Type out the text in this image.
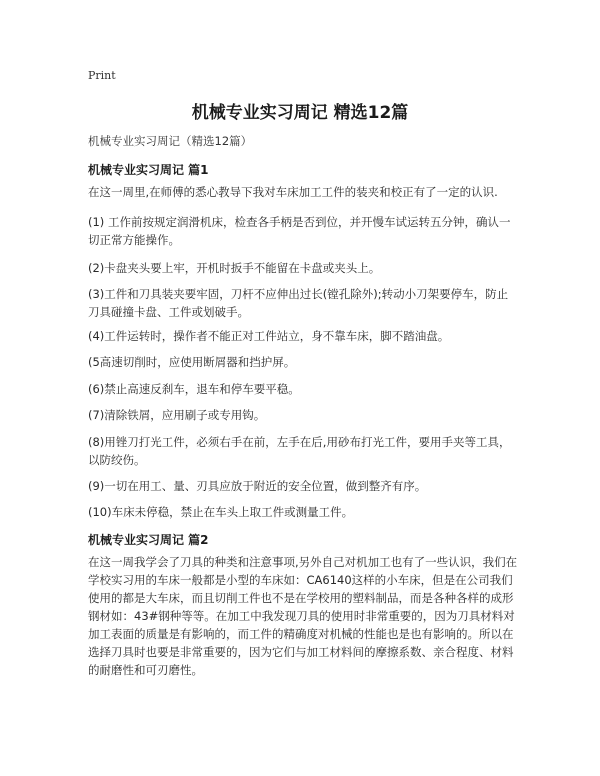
Print
机械专业实习周记 精选12篇
机械专业实习周记（精选12篇）
机械专业实习周记 篇1

在这一周里,在师傅的悉心教导下我对车床加工工件的装夹和校正有了一定的认识.

(1) 工作前按规定润滑机床，检查各手柄是否到位，并开慢车试运转五分钟，确认一切正常方能操作。

(2)卡盘夹头要上牢，开机时扳手不能留在卡盘或夹头上。

(3)工件和刀具装夹要牢固，刀杆不应伸出过长(镗孔除外);转动小刀架要停车，防止刀具碰撞卡盘、工件或划破手。

(4)工件运转时，操作者不能正对工件站立，身不靠车床，脚不踏油盘。

(5高速切削时，应使用断屑器和挡护屏。

(6)禁止高速反刹车，退车和停车要平稳。

(7)清除铁屑，应用刷子或专用钩。

(8)用锉刀打光工件，必须右手在前，左手在后,用砂布打光工件，要用手夹等工具，以防绞伤。

(9)一切在用工、量、刃具应放于附近的安全位置，做到整齐有序。

(10)车床未停稳，禁止在车头上取工件或测量工件。

机械专业实习周记 篇2

在这一周我学会了刀具的种类和注意事项,另外自己对机加工也有了一些认识，我们在学校实习用的车床一般都是小型的车床如：CA6140这样的小车床，但是在公司我们使用的都是大车床，而且切削工件也不是在学校用的塑料制品，而是各种各样的成形钢材如：43#钢种等等。在加工中我发现刀具的使用时非常重要的，因为刀具材料对加工表面的质量是有影响的，而工件的精确度对机械的性能也是也有影响的。所以在选择刀具时也要是非常重要的，因为它们与加工材料间的摩擦系数、亲合程度、材料的耐磨性和可刃磨性。
